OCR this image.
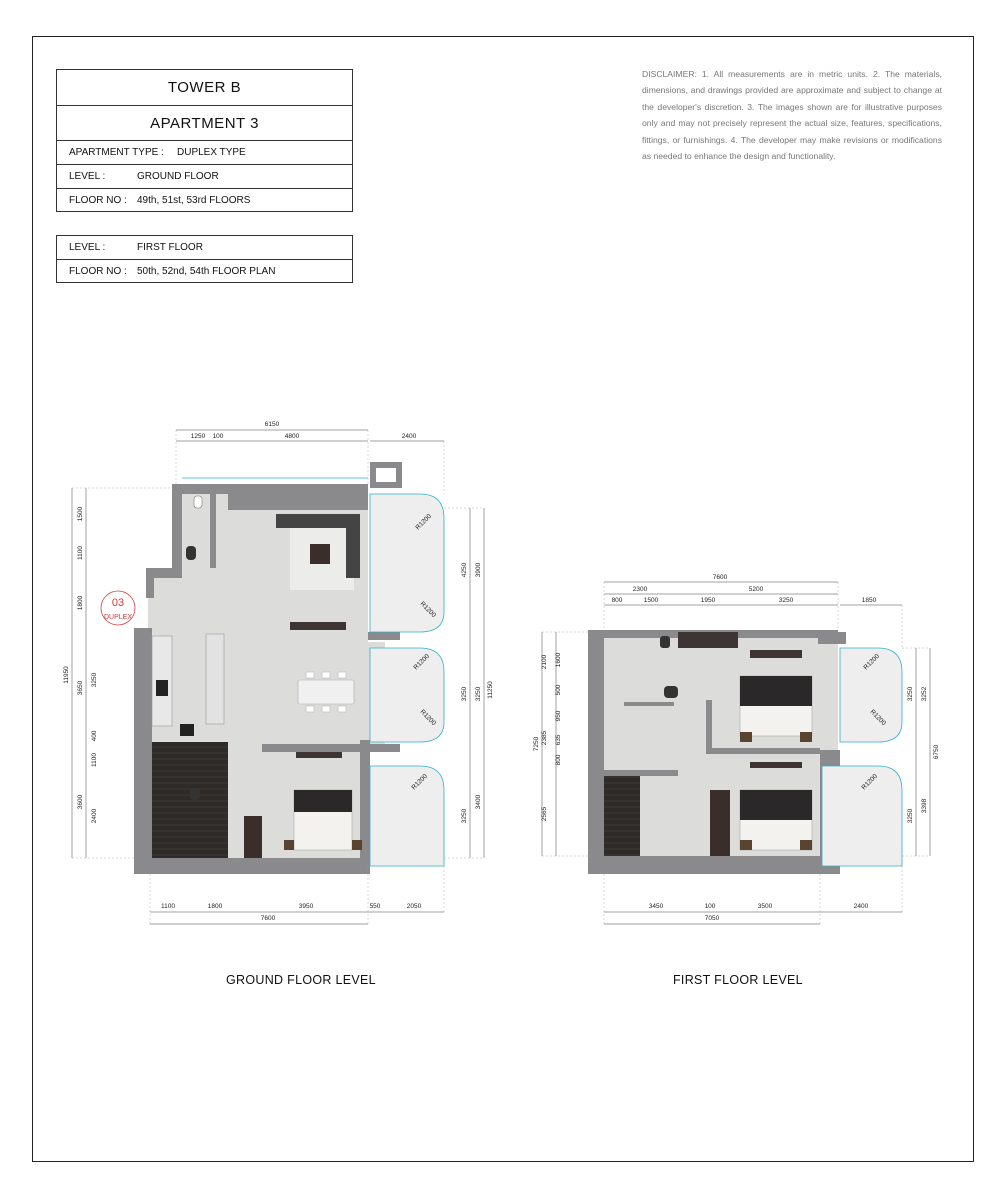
TOWER B
APARTMENT 3
APARTMENT TYPE :	DUPLEX TYPE
LEVEL :	GROUND FLOOR
FLOOR NO :	49th, 51st, 53rd FLOORS
LEVEL :	FIRST FLOOR
FLOOR NO :	50th, 52nd, 54th FLOOR PLAN
DISCLAIMER: 1. All measurements are in metric units. 2. The materials, dimensions, and drawings provided are approximate and subject to change at the developer's discretion. 3. The images shown are for illustrative purposes only and may not precisely represent the actual size, features, specifications, fittings, or furnishings. 4. The developer may make revisions or modifications as needed to enhance the design and functionality.
6150
1250 100	4800	2400
1100	1800	3950	550	2050
7600
11950
1500
1100
1800
3650
3250
400
1100
3600
2400
4250 3900
3250 3250 11250
3250
3400
R1200
R1200
R1200
R1200
R1200
03
DUPLEX
7600
2300	5200
800	1500	1950	3250	1850
3450	100	3500
7050
2400
7250
2100 1600
500
950
2385 635
800
2565
3250 3252
6750
3398
3250
R1200
R1200
R1200
GROUND FLOOR LEVEL	FIRST FLOOR LEVEL
